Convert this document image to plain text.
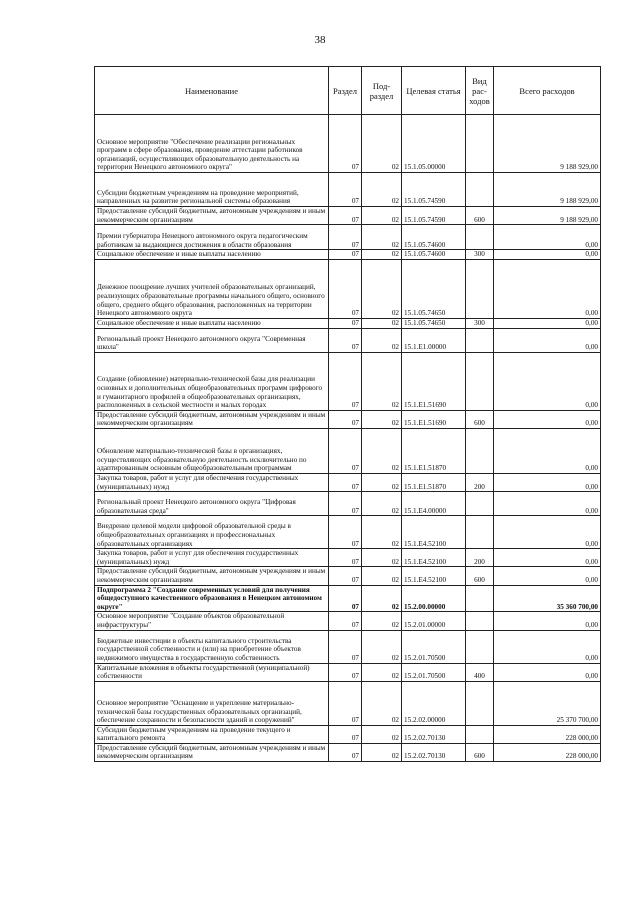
38
Наименование	Раздел	Под-раздел	Целевая статья	Вид рас-ходов	Всего расходов
Основное мероприятие "Обеспечение реализации региональных программ в сфере образования, проведение аттестации работников организаций, осуществляющих образовательную деятельность на территории Ненецкого автономного округа"	07	02	15.1.05.00000		9 188 929,00
Субсидии бюджетным учреждениям на проведение мероприятий, направленных на развитие региональной системы образования	07	02	15.1.05.74590		9 188 929,00
Предоставление субсидий бюджетным, автономным учреждениям и иным некоммерческим организациям	07	02	15.1.05.74590	600	9 188 929,00
Премии губернатора Ненецкого автономного округа педагогическим работникам за выдающиеся достижения в области образования	07	02	15.1.05.74600		0,00
Социальное обеспечение и иные выплаты населению	07	02	15.1.05.74600	300	0,00
Денежное поощрение лучших учителей образовательных организаций, реализующих образовательные программы начального общего, основного общего, среднего общего образования, расположенных на территории Ненецкого автономного округа	07	02	15.1.05.74650		0,00
Социальное обеспечение и иные выплаты населению	07	02	15.1.05.74650	300	0,00
Региональный проект Ненецкого автономного округа "Современная школа"	07	02	15.1.E1.00000		0,00
Создание (обновление) материально-технической базы для реализации основных и дополнительных общеобразовательных программ цифрового и гуманитарного профилей в общеобразовательных организациях, расположенных в сельской местности и малых городах	07	02	15.1.E1.51690		0,00
Предоставление субсидий бюджетным, автономным учреждениям и иным некоммерческим организациям	07	02	15.1.E1.51690	600	0,00
Обновление материально-технической базы в организациях, осуществляющих образовательную деятельность исключительно по адаптированным основным общеобразовательным программам	07	02	15.1.E1.51870		0,00
Закупка товаров, работ и услуг для обеспечения государственных (муниципальных) нужд	07	02	15.1.E1.51870	200	0,00
Региональный проект Ненецкого автономного округа "Цифровая образовательная среда"	07	02	15.1.E4.00000		0,00
Внедрение целевой модели цифровой образовательной среды в общеобразовательных организациях и профессиональных образовательных организациях	07	02	15.1.E4.52100		0,00
Закупка товаров, работ и услуг для обеспечения государственных (муниципальных) нужд	07	02	15.1.E4.52100	200	0,00
Предоставление субсидий бюджетным, автономным учреждениям и иным некоммерческим организациям	07	02	15.1.E4.52100	600	0,00
Подпрограмма 2 "Создание современных условий для получения общедоступного качественного образования в Ненецком автономном округе"	07	02	15.2.00.00000		35 360 700,00
Основное мероприятие "Создание объектов образовательной инфраструктуры"	07	02	15.2.01.00000		0,00
Бюджетные инвестиции в объекты капитального строительства государственной собственности и (или) на приобретение объектов недвижимого имущества в государственную собственность	07	02	15.2.01.70500		0,00
Капитальные вложения в объекты государственной (муниципальной) собственности	07	02	15.2.01.70500	400	0,00
Основное мероприятие "Оснащение и укрепление материально-технической базы государственных образовательных организаций, обеспечение сохранности и безопасности зданий и сооружений"	07	02	15.2.02.00000		25 370 700,00
Субсидии бюджетным учреждениям на проведение текущего и капитального ремонта	07	02	15.2.02.70130		228 000,00
Предоставление субсидий бюджетным, автономным учреждениям и иным некоммерческим организациям	07	02	15.2.02.70130	600	228 000,00
